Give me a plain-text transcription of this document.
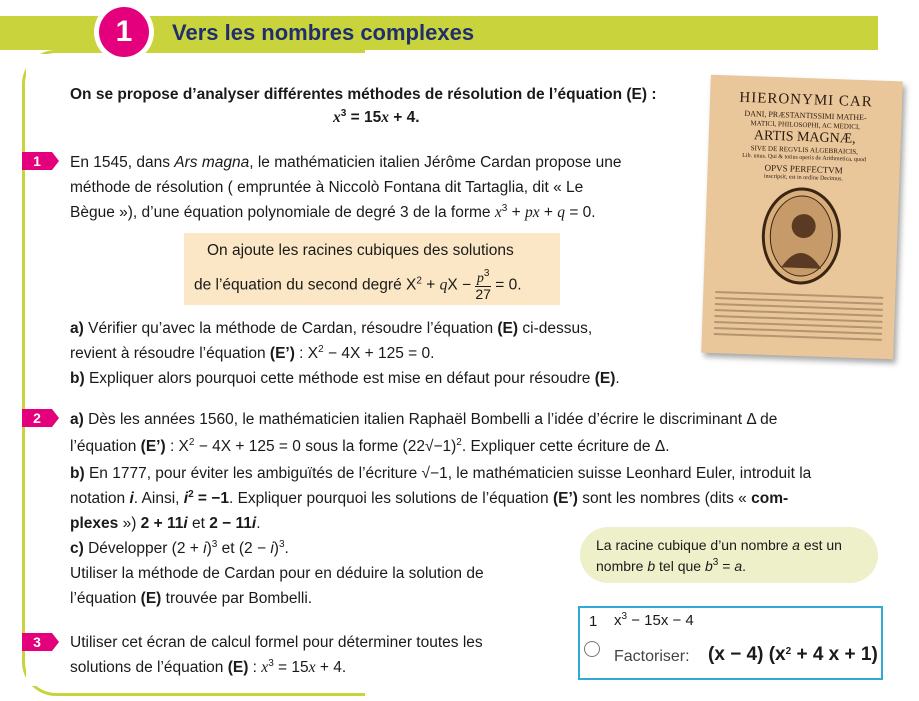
1	Vers les nombres complexes
On se propose d’analyser différentes méthodes de résolution de l’équation (E) :
$x^3 = 15x + 4$.
1	En 1545, dans Ars magna, le mathématicien italien Jérôme Cardan propose une
méthode de résolution ( empruntée à Niccolò Fontana dit Tartaglia, dit « Le
Bègue »), d’une équation polynomiale de degré 3 de la forme $x^3$ + px + q = 0.
On ajoute les racines cubiques des solutions
de l’équation du second degré $X^2$ + qX − $p^3$

27
= 0.
a) Vérifier qu’avec la méthode de Cardan, résoudre l’équation (E) ci-dessus,
revient à résoudre l’équation (E’) : $X^2 - 4X + 125 = 0$.
b) Expliquer alors pourquoi cette méthode est mise en défaut pour résoudre (E).
HIERONYMI CAR
DANI, PRÆSTANTISSIMI MATHE-
MATICI, PHILOSOPHI, AC MEDICI,
ARTIS MAGNÆ,
SIVE DE REGVLIS ALGEBRAICIS,
Lib. unus. Qui & totius operis de Arithmetica, quod
OPVS PERFECTVM
inscripsit, est in ordine Decimus.
2	a) Dès les années 1560, le mathématicien italien Raphaël Bombelli a l’idée d’écrire le discriminant Δ de
l’équation (E’) : $X^2 - 4X + 125 = 0$ sous la forme $(22√-1)^2$. Expliquer cette écriture de Δ.
b) En 1777, pour éviter les ambiguïtés de l’écriture √−1, le mathématicien suisse Leonhard Euler, introduit la
notation i. Ainsi, $i^2 = -1$. Expliquer pourquoi les solutions de l’équation (E’) sont les nombres (dits « com-
plexes ») 2 + 11i et 2 − 11i.
c) Développer $(2 + i)^3$ et $(2 - i)^3$.
Utiliser la méthode de Cardan pour en déduire la solution de
l’équation (E) trouvée par Bombelli.
La racine cubique d’un nombre a est un
nombre b tel que $b^3 = a$.
3	Utiliser cet écran de calcul formel pour déterminer toutes les
solutions de l’équation (E) : $x^3 = 15x + 4$.
1 $x^3 - 15x - 4$
Factoriser: (x − 4) ($x^2 + 4$ x + 1)
